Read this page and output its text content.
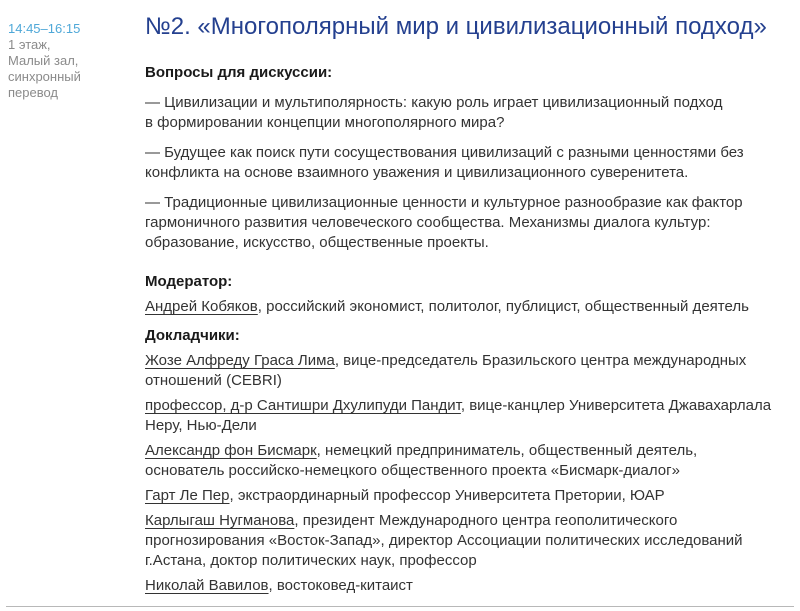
14:45–16:15
1 этаж,
Малый зал,
синхронный перевод
№2. «Многополярный мир и цивилизационный подход»

Вопросы для дискуссии:

— Цивилизации и мультиполярность: какую роль играет цивилизационный подход в формировании концепции многополярного мира?

— Будущее как поиск пути сосуществования цивилизаций с разными ценностями без конфликта на основе взаимного уважения и цивилизационного суверенитета.

— Традиционные цивилизационные ценности и культурное разнообразие как фактор гармоничного развития человеческого сообщества. Механизмы диалога культур: образование, искусство, общественные проекты.

Модератор:

Андрей Кобяков, российский экономист, политолог, публицист, общественный деятель

Докладчики:

Жозе Алфреду Граса Лима, вице-председатель Бразильского центра международных отношений (CEBRI)

профессор, д-р Сантишри Дхулипуди Пандит, вице-канцлер Университета Джавахарлала Неру, Нью-Дели

Александр фон Бисмарк, немецкий предприниматель, общественный деятель, основатель российско-немецкого общественного проекта «Бисмарк-диалог»

Гарт Ле Пер, экстраординарный профессор Университета Претории, ЮАР

Карлыгаш Нугманова, президент Международного центра геополитического прогнозирования «Восток-Запад», директор Ассоциации политических исследований г.Астана, доктор политических наук, профессор

Николай Вавилов, востоковед-китаист
